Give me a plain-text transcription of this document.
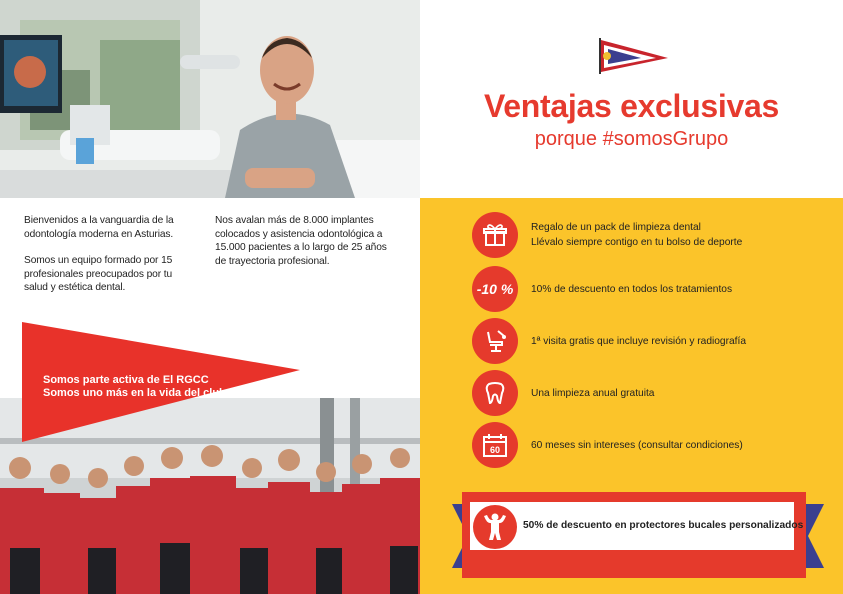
Bienvenidos a la vanguardia de la odontología moderna en Asturias.

Somos un equipo formado por 15 profesionales preocupados por tu salud y estética dental.

Nos avalan más de 8.000 implantes colocados y asistencia odontológica a 15.000 pacientes a lo largo de 25 años de trayectoria profesional.

Somos parte activa de El RGCC
Somos uno más en la vida del club
Ventajas exclusivas
porque #somosGrupo
Regalo de un pack de limpieza dental
Llévalo siempre contigo en tu bolso de deporte
-10 % 10% de descuento en todos los tratamientos
1ª visita gratis que incluye revisión y radiografía
Una limpieza anual gratuita
60	60 meses sin intereses (consultar condiciones)
50% de descuento en protectores bucales personalizados
